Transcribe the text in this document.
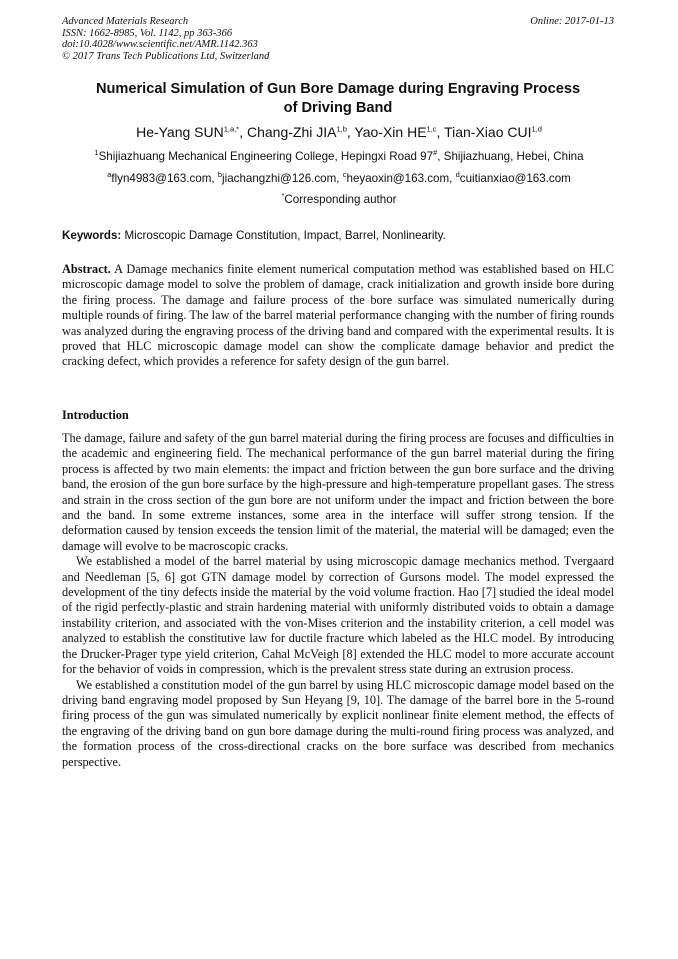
Advanced Materials Research
ISSN: 1662-8985, Vol. 1142, pp 363-366
doi:10.4028/www.scientific.net/AMR.1142.363
© 2017 Trans Tech Publications Ltd, Switzerland
Online: 2017-01-13
Numerical Simulation of Gun Bore Damage during Engraving Process
of Driving Band
He-Yang $SUN^{1,a,*}$, Chang-Zhi JIA$^{1,b}$, Yao-Xin HE$^{1,c}$, Tian-Xiao CUI$^{1,d}$
$^1$Shijiazhuang Mechanical Engineering College, Hepingxi Road 97#, Shijiazhuang, Hebei, China
$^a$flyn4983@163.com, $^b$jiachangzhi@126.com, $^c$heyaoxin@163.com, $^d$cuitianxiao@163.com
*Corresponding author
Keywords: Microscopic Damage Constitution, Impact, Barrel, Nonlinearity.

Abstract. A Damage mechanics finite element numerical computation method was established based on HLC microscopic damage model to solve the problem of damage, crack initialization and growth inside bore during the firing process. The damage and failure process of the bore surface was simulated numerically during multiple rounds of firing. The law of the barrel material performance changing with the number of firing rounds was analyzed during the engraving process of the driving band and compared with the experimental results. It is proved that HLC microscopic damage model can show the complicate damage behavior and predict the cracking defect, which provides a reference for safety design of the gun barrel.

Introduction

The damage, failure and safety of the gun barrel material during the firing process are focuses and difficulties in the academic and engineering field. The mechanical performance of the gun barrel material during the firing process is affected by two main elements: the impact and friction between the gun bore surface and the driving band, the erosion of the gun bore surface by the high-pressure and high-temperature propellant gases. The stress and strain in the cross section of the gun bore are not uniform under the impact and friction between the bore and the band. In some extreme instances, some area in the interface will suffer strong tension. If the deformation caused by tension exceeds the tension limit of the material, the material will be damaged; even the damage will evolve to be macroscopic cracks.

We established a model of the barrel material by using microscopic damage mechanics method. Tvergaard and Needleman [5, 6] got GTN damage model by correction of Gursons model. The model expressed the development of the tiny defects inside the material by the void volume fraction. Hao [7] studied the ideal model of the rigid perfectly-plastic and strain hardening material with uniformly distributed voids to obtain a damage instability criterion, and associated with the von-Mises criterion and the instability criterion, a cell model was analyzed to establish the constitutive law for ductile fracture which labeled as the HLC model. By introducing the Drucker-Prager type yield criterion, Cahal McVeigh [8] extended the HLC model to more accurate account for the behavior of voids in compression, which is the prevalent stress state during an extrusion process.

We established a constitution model of the gun barrel by using HLC microscopic damage model based on the driving band engraving model proposed by Sun Heyang [9, 10]. The damage of the barrel bore in the 5-round firing process of the gun was simulated numerically by explicit nonlinear finite element method, the effects of the engraving of the driving band on gun bore damage during the multi-round firing process was analyzed, and the formation process of the cross-directional cracks on the bore surface was described from mechanics perspective.
